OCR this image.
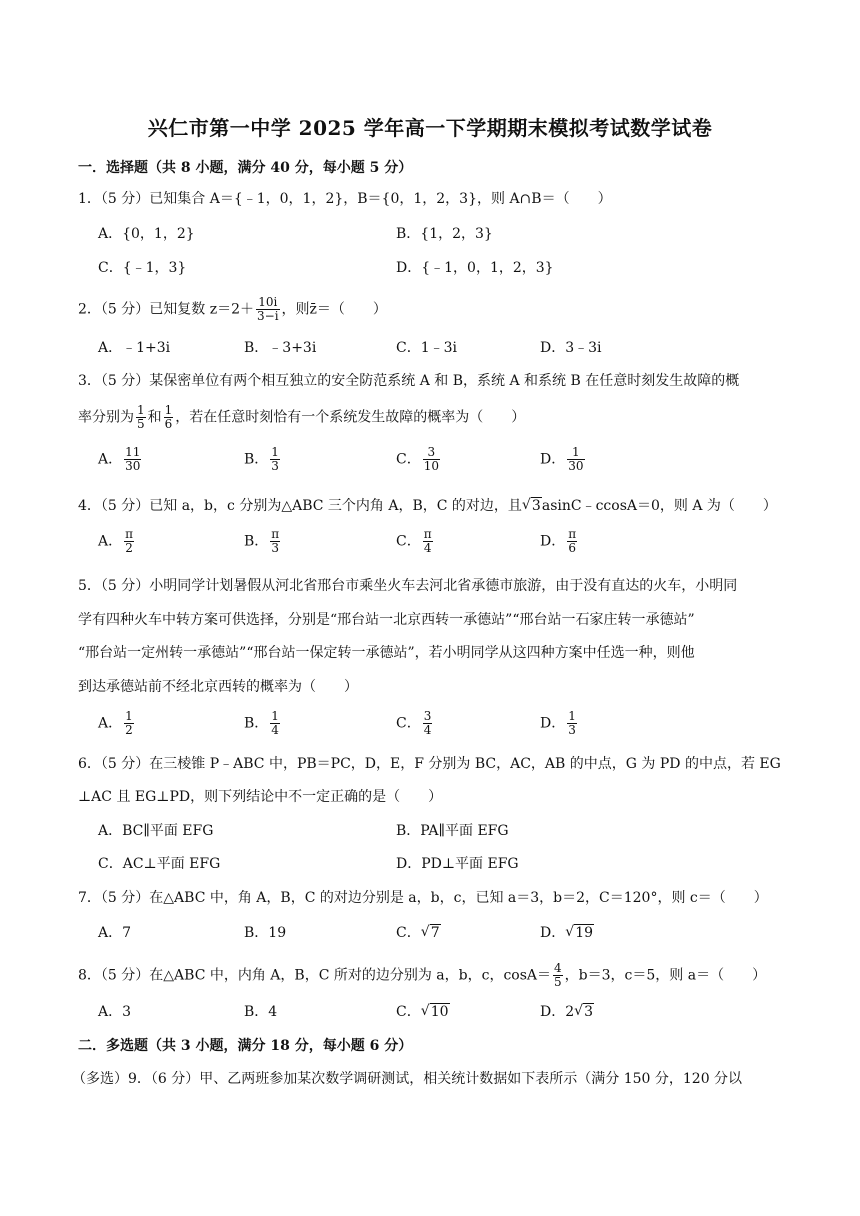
兴仁市第一中学 2025 学年高一下学期期末模拟考试数学试卷
一．选择题（共 8 小题，满分 40 分，每小题 5 分）
1．（5 分）已知集合 A＝{﹣1，0，1，2}，B＝{0，1，2，3}，则 A∩B＝（　　）
A．{0，1，2}	B．{1，2，3}
C．{﹣1，3}	D．{﹣1，0，1，2，3}
2．（5 分）已知复数 $z=2+ \frac{10i}{3-i}$ ，则z̄＝（　　）
A．﹣1+3i	B．﹣3+3i	C．1﹣3i	D．3﹣3i
3．（5 分）某保密单位有两个相互独立的安全防范系统 A 和 B，系统 A 和系统 B 在任意时刻发生故障的概
率分别为 $\frac{1}{5}$ 和 $\frac{1}{6}$ ，若在任意时刻恰有一个系统发生故障的概率为（　　）
A． $\frac{11}{30}$	B． $\frac{1}{3}$	C． $\frac{3}{10}$	D． $\frac{1}{30}$
4．（5 分）已知 a，b，c 分别为△ABC 三个内角 A，B，C 的对边，且 √ 3asinC﹣ccosA＝0，则 A 为（　　）
A． $\frac{\pi}{2}$	B． $\frac{\pi}{3}$	C． $\frac{\pi}{4}$	D． $\frac{\pi}{6}$
5．（5 分）小明同学计划暑假从河北省邢台市乘坐火车去河北省承德市旅游，由于没有直达的火车，小明同
学有四种火车中转方案可供选择，分别是“邢台站一北京西转一承德站”“邢台站一石家庄转一承德站”
“邢台站一定州转一承德站”“邢台站一保定转一承德站”，若小明同学从这四种方案中任选一种，则他
到达承德站前不经北京西转的概率为（　　）
A． $\frac{1}{2}$	B． $\frac{1}{4}$	C． $\frac{3}{4}$	D． $\frac{1}{3}$
6．（5 分）在三棱锥 P﹣ABC 中，PB＝PC，D，E，F 分别为 BC，AC，AB 的中点，G 为 PD 的中点，若 EG
⊥AC 且 EG⊥PD，则下列结论中不一定正确的是（　　）
A．BC∥平面 EFG	B．PA∥平面 EFG
C．AC⊥平面 EFG	D．PD⊥平面 EFG
7．（5 分）在△ABC 中，角 A，B，C 的对边分别是 a，b，c，已知 a＝3，b＝2，C＝120°，则 c＝（　　）
A．7	B．19	C． √ 7	D． √ 19
8．（5 分）在△ABC 中，内角 A，B，C 所对的边分别为 a，b，c，$\cos A= \frac{4}{5}$ ，b＝3，c＝5，则 a＝（　　）
A．3	B．4	C． √ 10	D．2 √ 3
二．多选题（共 3 小题，满分 18 分，每小题 6 分）
（多选）9．（6 分）甲、乙两班参加某次数学调研测试，相关统计数据如下表所示（满分 150 分，120 分以
